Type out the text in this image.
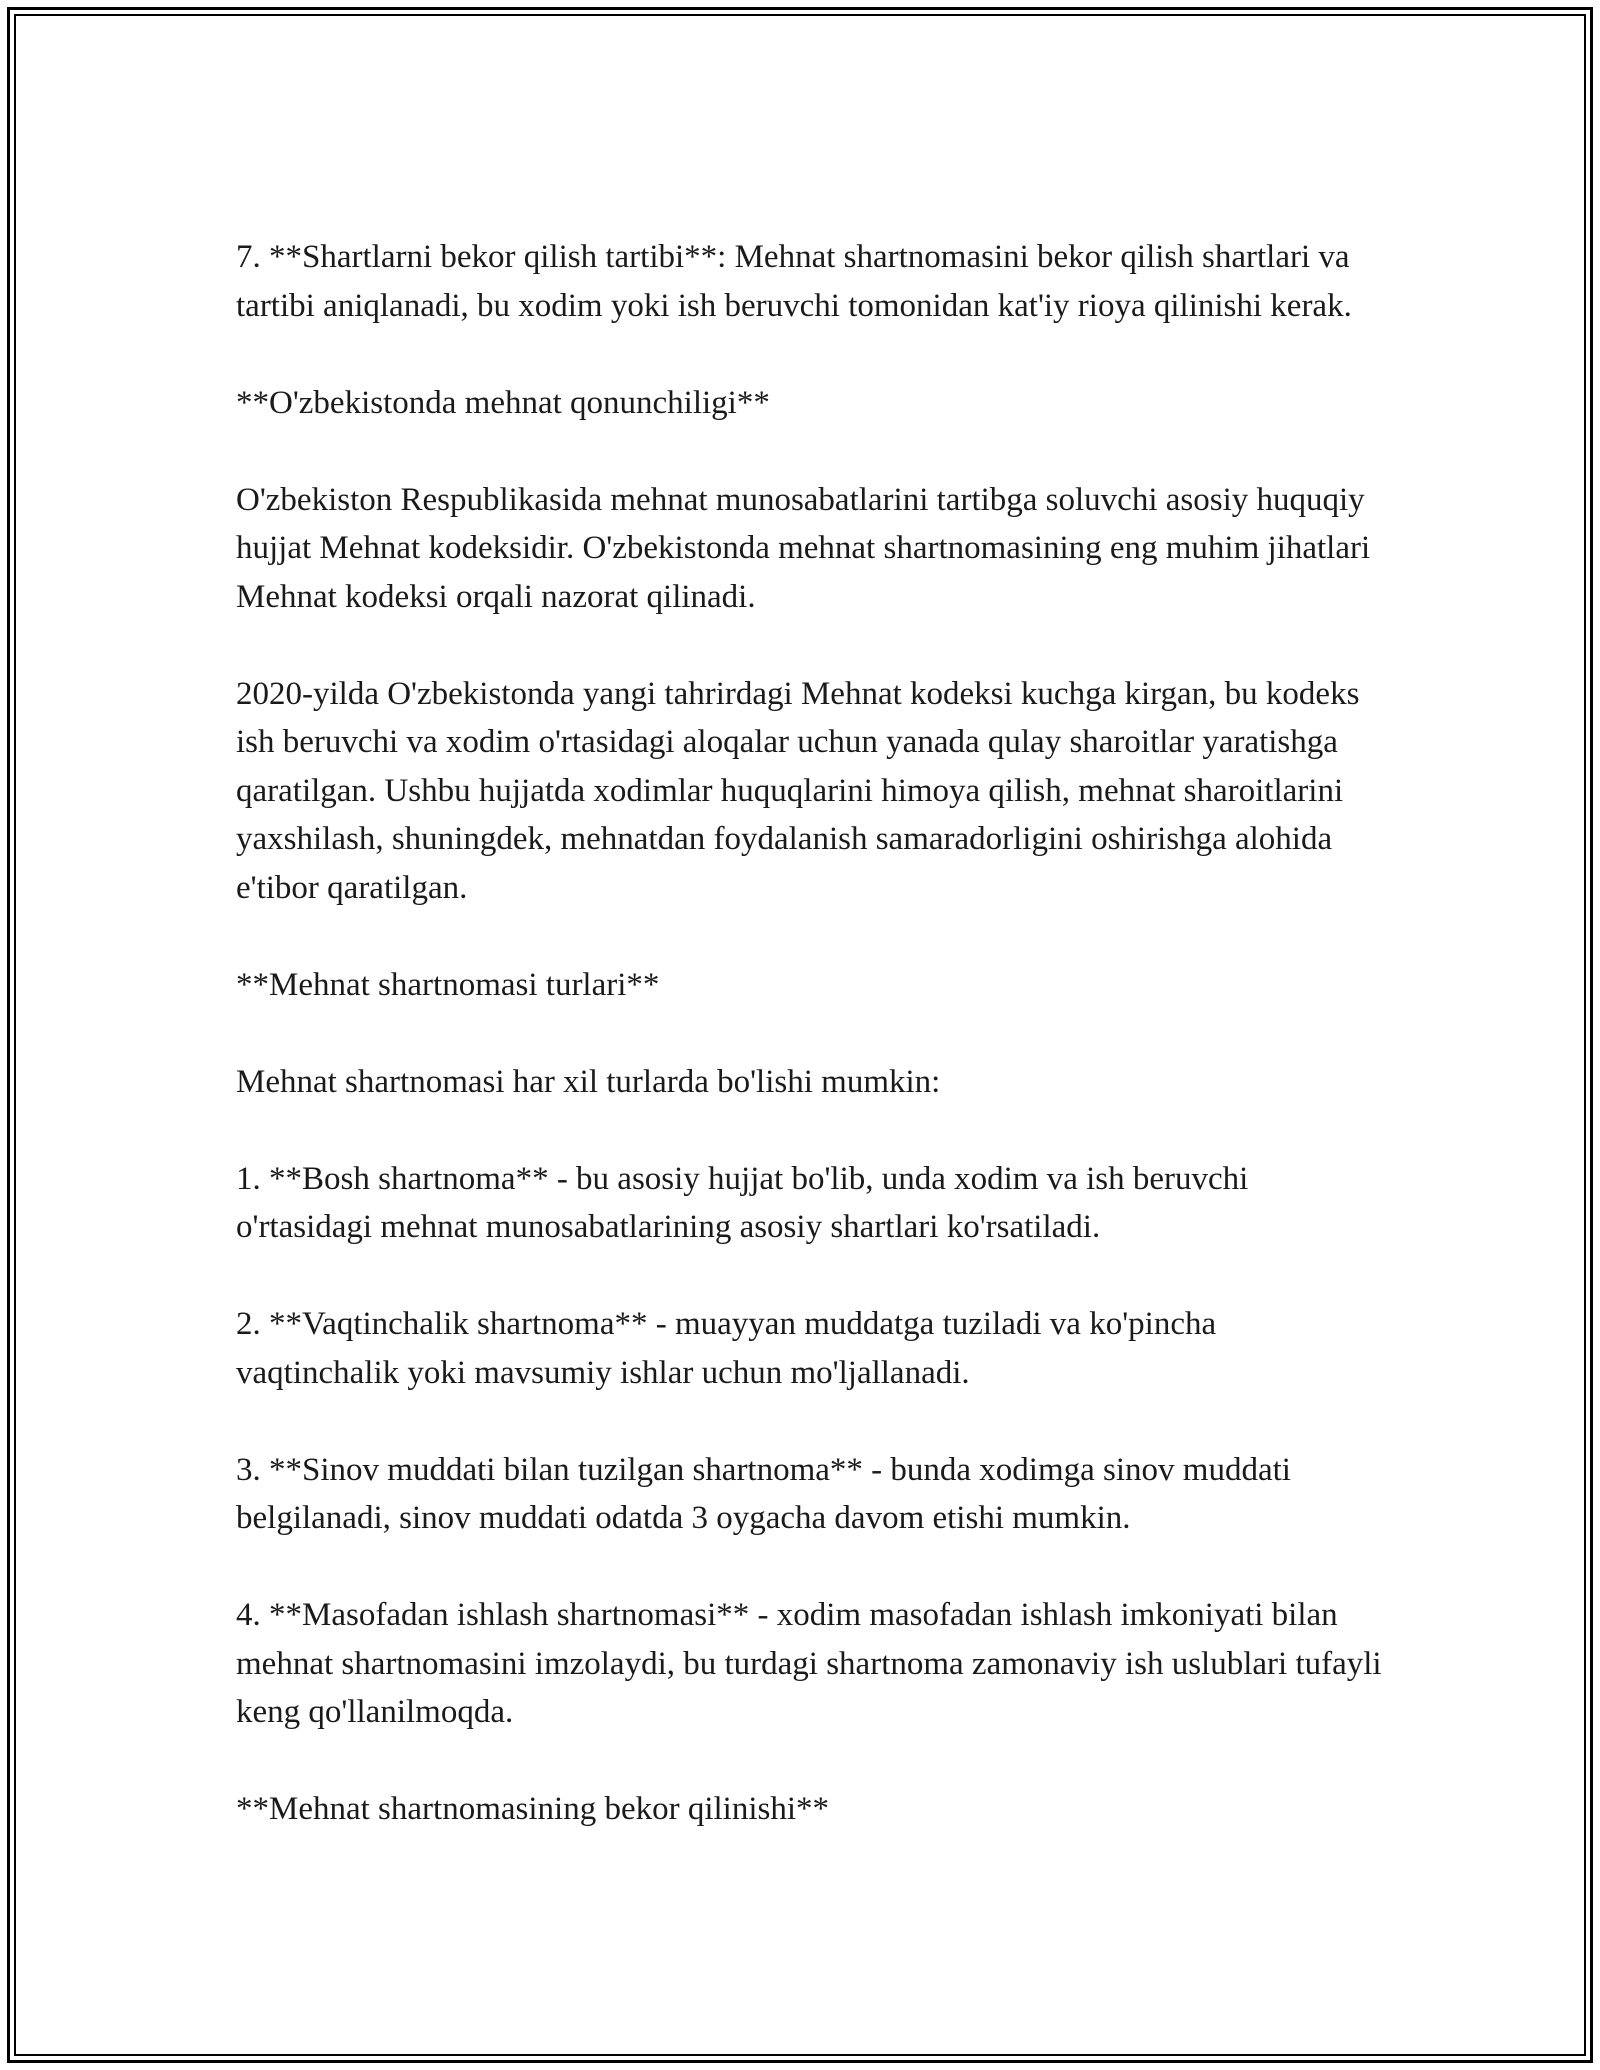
7. **Shartlarni bekor qilish tartibi**: Mehnat shartnomasini bekor qilish shartlari va tartibi aniqlanadi, bu xodim yoki ish beruvchi tomonidan kat'iy rioya qilinishi kerak.

**O'zbekistonda mehnat qonunchiligi**

O'zbekiston Respublikasida mehnat munosabatlarini tartibga soluvchi asosiy huquqiy hujjat Mehnat kodeksidir. O'zbekistonda mehnat shartnomasining eng muhim jihatlari Mehnat kodeksi orqali nazorat qilinadi.

2020-yilda O'zbekistonda yangi tahrirdagi Mehnat kodeksi kuchga kirgan, bu kodeks ish beruvchi va xodim o'rtasidagi aloqalar uchun yanada qulay sharoitlar yaratishga qaratilgan. Ushbu hujjatda xodimlar huquqlarini himoya qilish, mehnat sharoitlarini yaxshilash, shuningdek, mehnatdan foydalanish samaradorligini oshirishga alohida e'tibor qaratilgan.

**Mehnat shartnomasi turlari**

Mehnat shartnomasi har xil turlarda bo'lishi mumkin:

1. **Bosh shartnoma** - bu asosiy hujjat bo'lib, unda xodim va ish beruvchi o'rtasidagi mehnat munosabatlarining asosiy shartlari ko'rsatiladi.

2. **Vaqtinchalik shartnoma** - muayyan muddatga tuziladi va ko'pincha vaqtinchalik yoki mavsumiy ishlar uchun mo'ljallanadi.

3. **Sinov muddati bilan tuzilgan shartnoma** - bunda xodimga sinov muddati belgilanadi, sinov muddati odatda 3 oygacha davom etishi mumkin.

4. **Masofadan ishlash shartnomasi** - xodim masofadan ishlash imkoniyati bilan mehnat shartnomasini imzolaydi, bu turdagi shartnoma zamonaviy ish uslublari tufayli keng qo'llanilmoqda.

**Mehnat shartnomasining bekor qilinishi**
